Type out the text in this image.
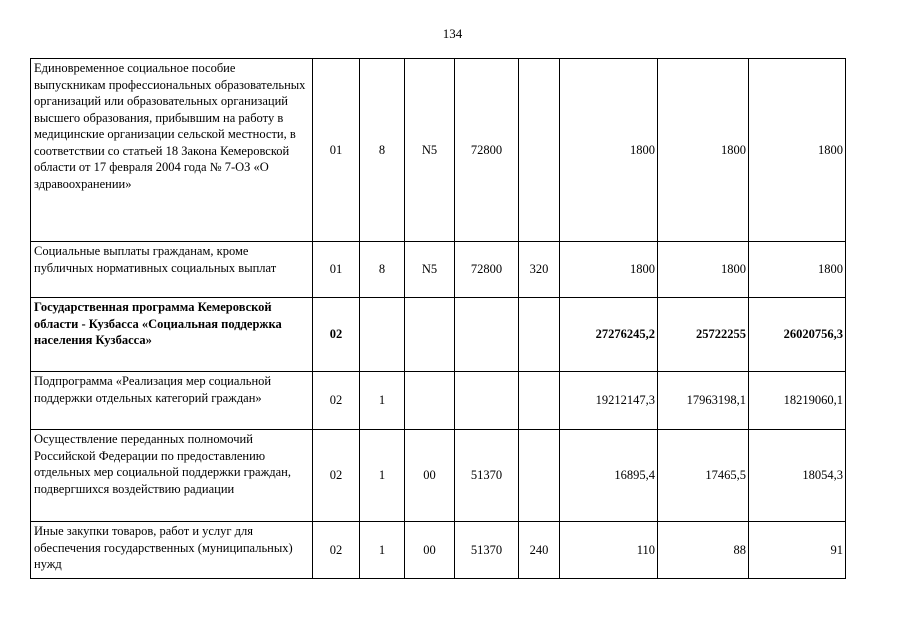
134
Единовременное социальное пособие выпускникам профессиональных образовательных организаций или образовательных организаций высшего образования, прибывшим на работу в медицинские организации сельской местности, в соответствии со статьей 18 Закона Кемеровской области от 17 февраля 2004 года № 7-ОЗ «О здравоохранении»	01	8	N5	72800		1800	1800	1800
Социальные выплаты гражданам, кроме публичных нормативных социальных выплат	01	8	N5	72800	320	1800	1800	1800
Государственная программа Кемеровской области - Кузбасса «Социальная поддержка населения Кузбасса»	02					27276245,2	25722255	26020756,3
Подпрограмма «Реализация мер социальной поддержки отдельных категорий граждан»	02	1				19212147,3	17963198,1	18219060,1
Осуществление переданных полномочий Российской Федерации по предоставлению отдельных мер социальной поддержки граждан, подвергшихся воздействию радиации	02	1	00	51370		16895,4	17465,5	18054,3
Иные закупки товаров, работ и услуг для обеспечения государственных (муниципальных) нужд	02	1	00	51370	240	110	88	91
